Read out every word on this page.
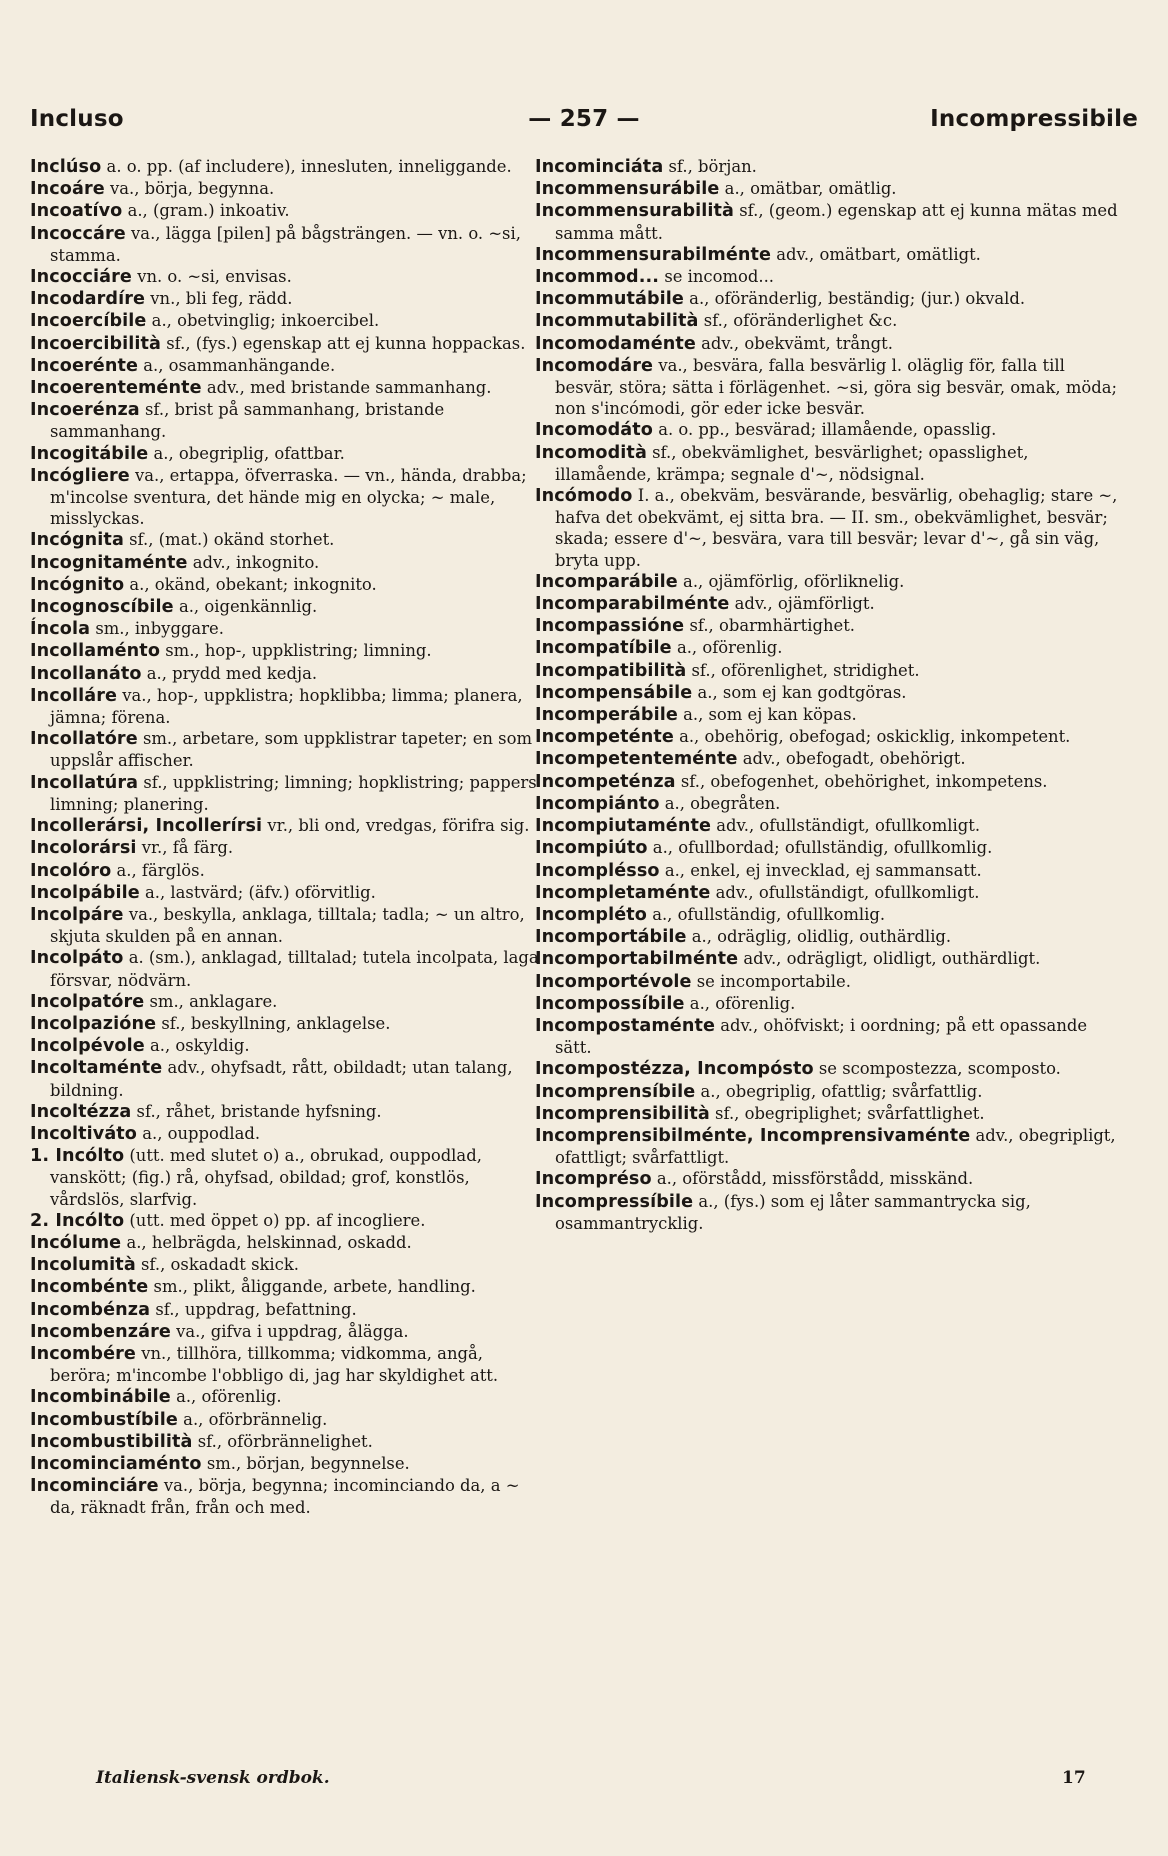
Incluso	— 257 —	Incompressibile

Inclúso a. o. pp. (af includere), innesluten, inneliggande.

Incoáre va., börja, begynna.

Incoatívo a., (gram.) inkoativ.

Incoccáre va., lägga [pilen] på bågsträngen. — vn. o. ~si, stamma.

Incocciáre vn. o. ~si, envisas.

Incodardíre vn., bli feg, rädd.

Incoercíbile a., obetvinglig; inkoercibel.

Incoercibilità sf., (fys.) egenskap att ej kunna hoppackas.

Incoerénte a., osammanhängande.

Incoerenteménte adv., med bristande sammanhang.

Incoerénza sf., brist på sammanhang, bristande sammanhang.

Incogitábile a., obegriplig, ofattbar.

Incógliere va., ertappa, öfverraska. — vn., hända, drabba; m'incolse sventura, det hände mig en olycka; ~ male, misslyckas.

Incógnita sf., (mat.) okänd storhet.

Incognitaménte adv., inkognito.

Incógnito a., okänd, obekant; inkognito.

Incognoscíbile a., oigenkännlig.

Íncola sm., inbyggare.

Incollaménto sm., hop-, uppklistring; limning.

Incollanáto a., prydd med kedja.

Incolláre va., hop-, uppklistra; hopklibba; limma; planera, jämna; förena.

Incollatóre sm., arbetare, som uppklistrar tapeter; en som uppslår affischer.

Incollatúra sf., uppklistring; limning; hopklistring; pappers limning; planering.

Incollerársi, Incollerírsi vr., bli ond, vredgas, förifra sig.

Incolorársi vr., få färg.

Incolóro a., färglös.

Incolpábile a., lastvärd; (äfv.) oförvitlig.

Incolpáre va., beskylla, anklaga, tilltala; tadla; ~ un altro, skjuta skulden på en annan.

Incolpáto a. (sm.), anklagad, tilltalad; tutela incolpata, laga försvar, nödvärn.

Incolpatóre sm., anklagare.

Incolpazióne sf., beskyllning, anklagelse.

Incolpévole a., oskyldig.

Incoltaménte adv., ohyfsadt, rått, obildadt; utan talang, bildning.

Incoltézza sf., råhet, bristande hyfsning.

Incoltiváto a., ouppodlad.

1. Incólto (utt. med slutet o) a., obrukad, ouppodlad, vanskött; (fig.) rå, ohyfsad, obildad; grof, konstlös, vårdslös, slarfvig.

2. Incólto (utt. med öppet o) pp. af incogliere.

Incólume a., helbrägda, helskinnad, oskadd.

Incolumità sf., oskadadt skick.

Incombénte sm., plikt, åliggande, arbete, handling.

Incombénza sf., uppdrag, befattning.

Incombenzáre va., gifva i uppdrag, ålägga.

Incombére vn., tillhöra, tillkomma; vidkomma, angå, beröra; m'incombe l'obbligo di, jag har skyldighet att.

Incombinábile a., oförenlig.

Incombustíbile a., oförbrännelig.

Incombustibilità sf., oförbrännelighet.

Incominciaménto sm., början, begynnelse.

Incominciáre va., börja, begynna; incominciando da, a ~ da, räknadt från, från och med.

Incominciáta sf., början.

Incommensurábile a., omätbar, omätlig.

Incommensurabilità sf., (geom.) egenskap att ej kunna mätas med samma mått.

Incommensurabilménte adv., omätbart, omätligt.

Incommod... se incomod...

Incommutábile a., oföränderlig, beständig; (jur.) okvald.

Incommutabilità sf., oföränderlighet &c.

Incomodaménte adv., obekvämt, trångt.

Incomodáre va., besvära, falla besvärlig l. oläglig för, falla till besvär, störa; sätta i förlägenhet. ~si, göra sig besvär, omak, möda; non s'incómodi, gör eder icke besvär.

Incomodáto a. o. pp., besvärad; illamående, opasslig.

Incomodità sf., obekvämlighet, besvärlighet; opasslighet, illamående, krämpa; segnale d'~, nödsignal.

Incómodo I. a., obekväm, besvärande, besvärlig, obehaglig; stare ~, hafva det obekvämt, ej sitta bra. — II. sm., obekvämlighet, besvär; skada; essere d'~, besvära, vara till besvär; levar d'~, gå sin väg, bryta upp.

Incomparábile a., ojämförlig, oförliknelig.

Incomparabilménte adv., ojämförligt.

Incompassióne sf., obarmhärtighet.

Incompatíbile a., oförenlig.

Incompatibilità sf., oförenlighet, stridighet.

Incompensábile a., som ej kan godtgöras.

Incomperábile a., som ej kan köpas.

Incompeténte a., obehörig, obefogad; oskicklig, inkompetent.

Incompetenteménte adv., obefogadt, obehörigt.

Incompeténza sf., obefogenhet, obehörighet, inkompetens.

Incompiánto a., obegråten.

Incompiutaménte adv., ofullständigt, ofullkomligt.

Incompiúto a., ofullbordad; ofullständig, ofullkomlig.

Incomplésso a., enkel, ej invecklad, ej sammansatt.

Incompletaménte adv., ofullständigt, ofullkomligt.

Incompléto a., ofullständig, ofullkomlig.

Incomportábile a., odräglig, olidlig, outhärdlig.

Incomportabilménte adv., odrägligt, olidligt, outhärdligt.

Incomportévole se incomportabile.

Incompossíbile a., oförenlig.

Incompostaménte adv., ohöfviskt; i oordning; på ett opassande sätt.

Incompostézza, Incompósto se scompostezza, scomposto.

Incomprensíbile a., obegriplig, ofattlig; svårfattlig.

Incomprensibilità sf., obegriplighet; svårfattlighet.

Incomprensibilménte, Incomprensivaménte adv., obegripligt, ofattligt; svårfattligt.

Incompréso a., oförstådd, missförstådd, misskänd.

Incompressíbile a., (fys.) som ej låter sammantrycka sig, osammantrycklig.

Italiensk-svensk ordbok.	17
